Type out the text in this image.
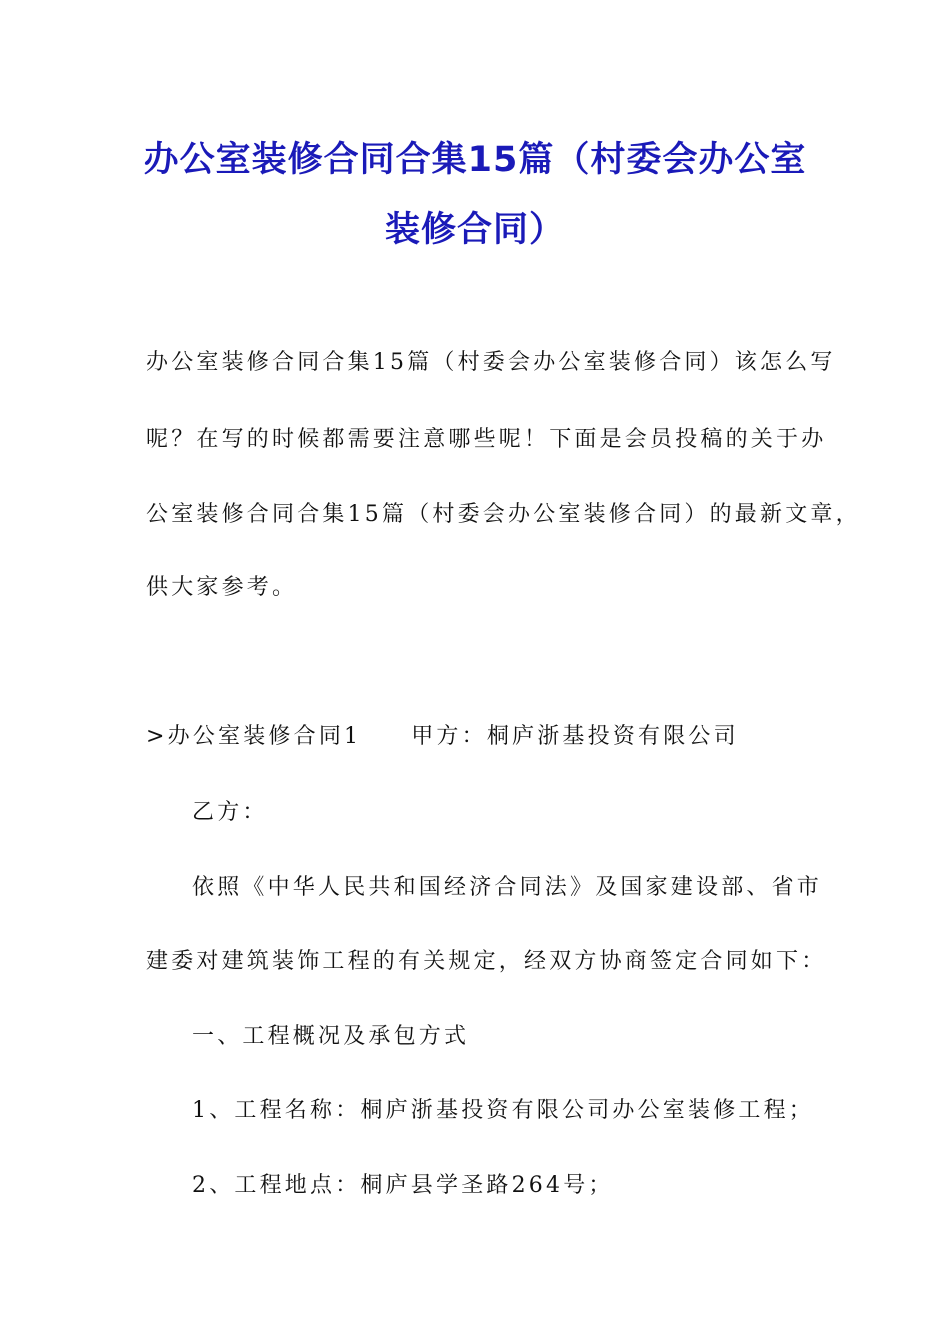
办公室装修合同合集15篇（村委会办公室
装修合同）

办公室装修合同合集15篇（村委会办公室装修合同）该怎么写

呢？在写的时候都需要注意哪些呢！下面是会员投稿的关于办

公室装修合同合集15篇（村委会办公室装修合同）的最新文章，

供大家参考。

>办公室装修合同1 甲方：桐庐浙基投资有限公司

乙方：

依照《中华人民共和国经济合同法》及国家建设部、省市

建委对建筑装饰工程的有关规定，经双方协商签定合同如下：

一、工程概况及承包方式

1、工程名称：桐庐浙基投资有限公司办公室装修工程；

2、工程地点：桐庐县学圣路264号；
